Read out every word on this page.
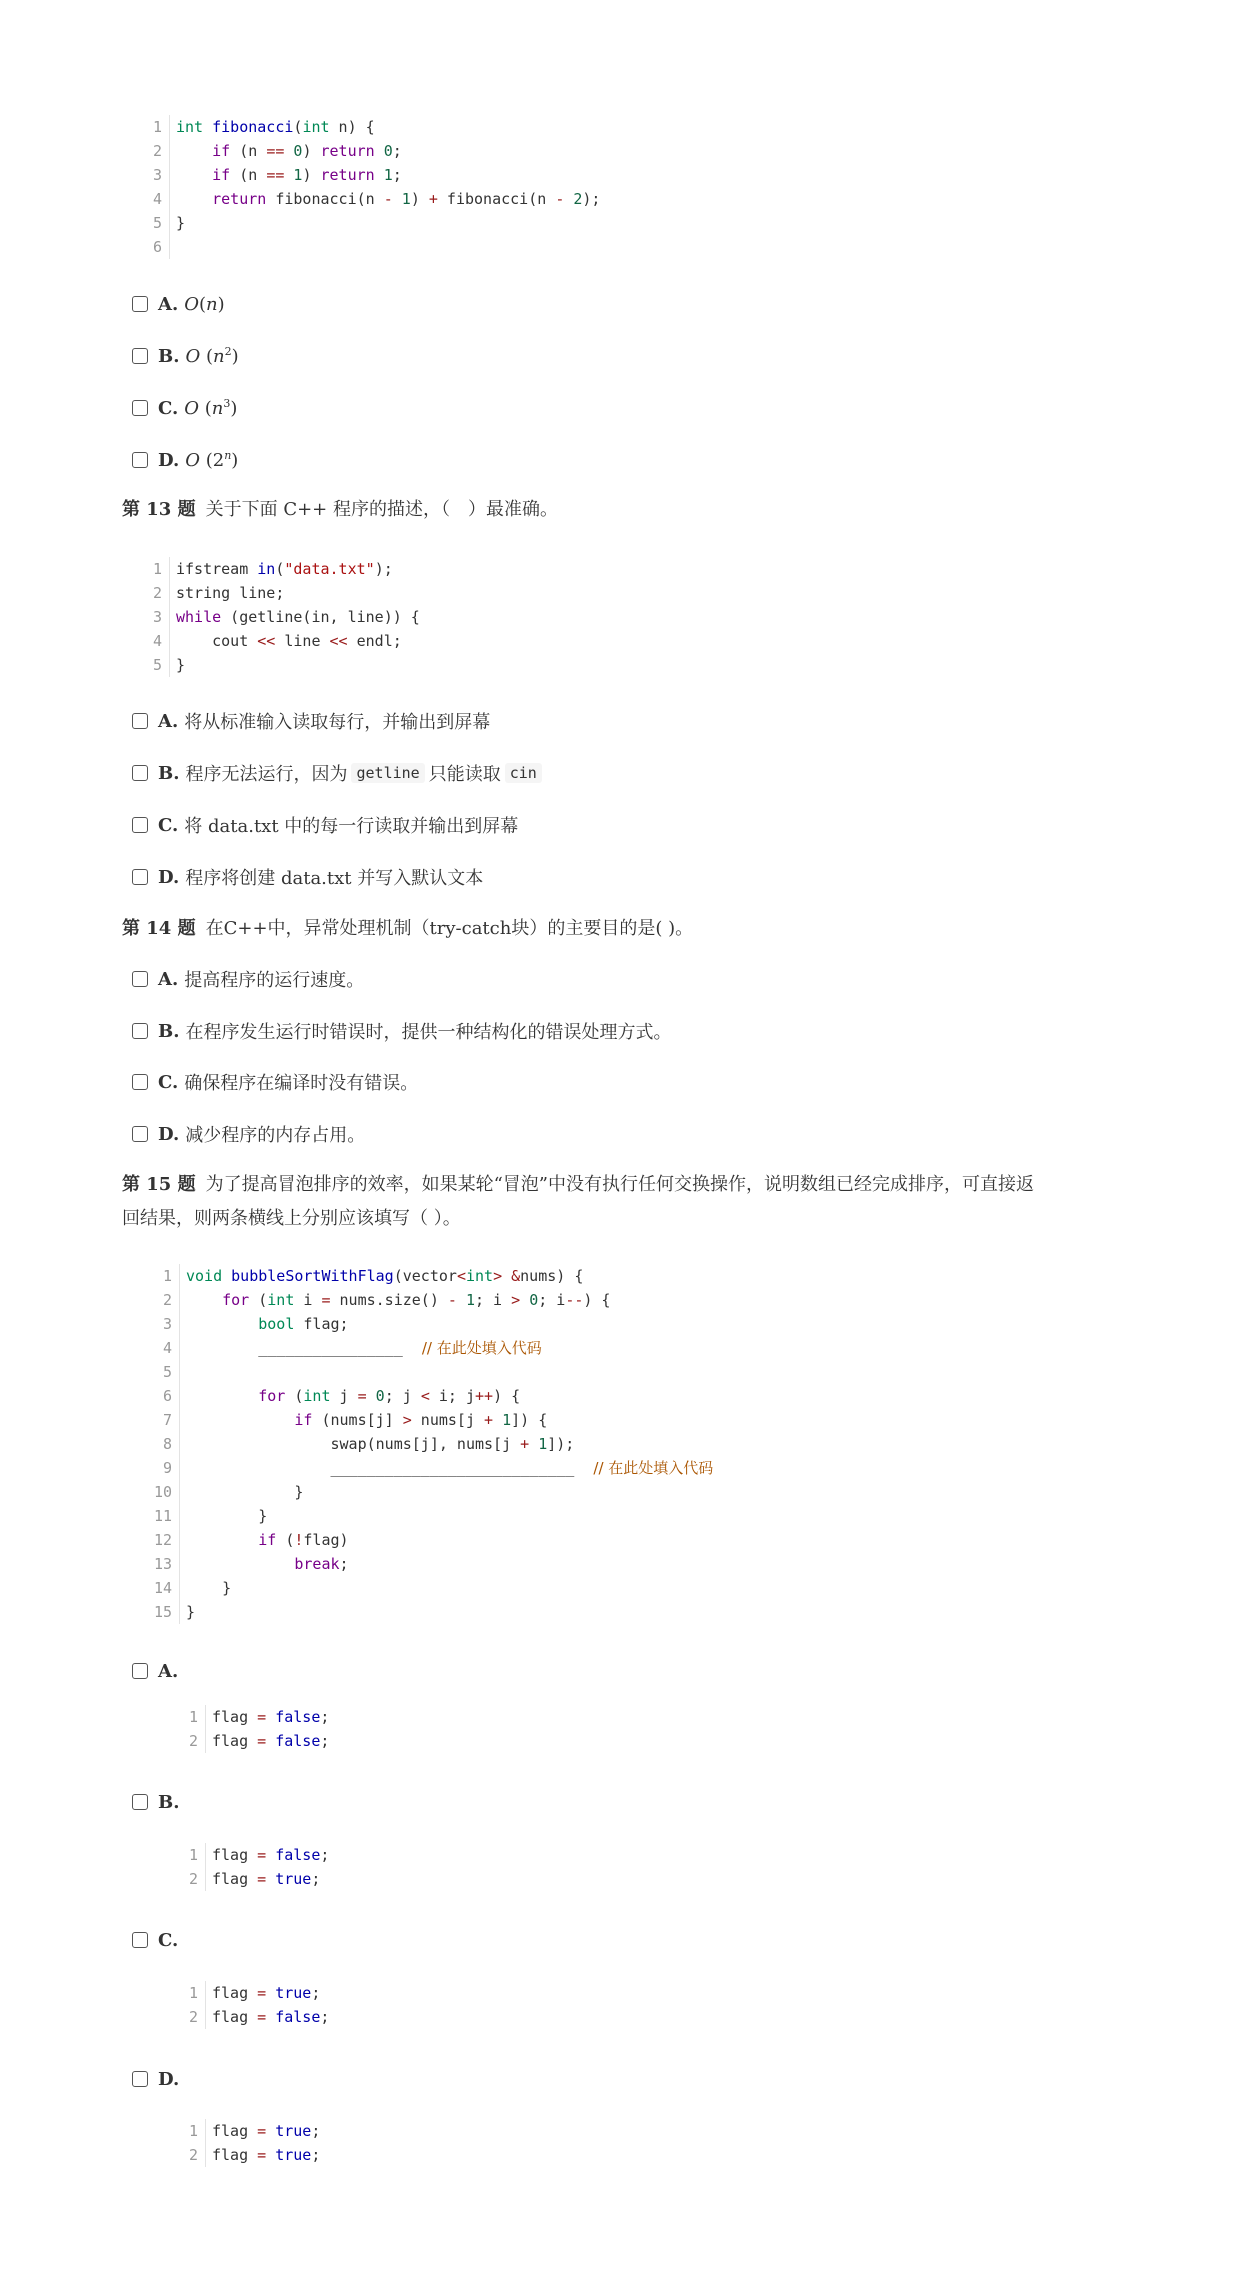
1
2
3
4
5
6
int fibonacci(int n) {
if (n == 0) return 0;
if (n == 1) return 1;
return fibonacci(n - 1) + fibonacci(n - 2);
}
A. O(n)
B. O $(n^2)$
C. O $(n^3)$
D. O (2$^n$)
第 13 题 关于下面 C++ 程序的描述，（　）最准确。
1
2
3
4
5
ifstream in("data.txt");
string line;
while (getline(in, line)) {
cout << line << endl;
}
A. 将从标准输入读取每行，并输出到屏幕
B. 程序无法运行，因为 getline 只能读取 cin
C. 将 data.txt 中的每一行读取并输出到屏幕
D. 程序将创建 data.txt 并写入默认文本
第 14 题 在C++中，异常处理机制（try-catch块）的主要目的是( )。
A. 提高程序的运行速度。
B. 在程序发生运行时错误时，提供一种结构化的错误处理方式。
C. 确保程序在编译时没有错误。
D. 减少程序的内存占用。
第 15 题 为了提高冒泡排序的效率，如果某轮“冒泡”中没有执行任何交换操作，说明数组已经完成排序，可直接返
回结果，则两条横线上分别应该填写（ ）。
1
2
3
4
5
6
7
8
9
10
11
12
13
14
15
void bubbleSortWithFlag(vector<int> &nums) {
for (int i = nums.size() - 1; i > 0; i--) {
bool flag;
________________    // 在此处填入代码
for (int j = 0; j < i; j++) {
if (nums[j] > nums[j + 1]) {
swap(nums[j], nums[j + 1]);
___________________________    // 在此处填入代码
}
}
if (!flag)
break;
}
}
A.
1
2
flag = false;
flag = false;
B.
1
2
flag = false;
flag = true;
C.
1
2
flag = true;
flag = false;
D.
1
2
flag = true;
flag = true;
